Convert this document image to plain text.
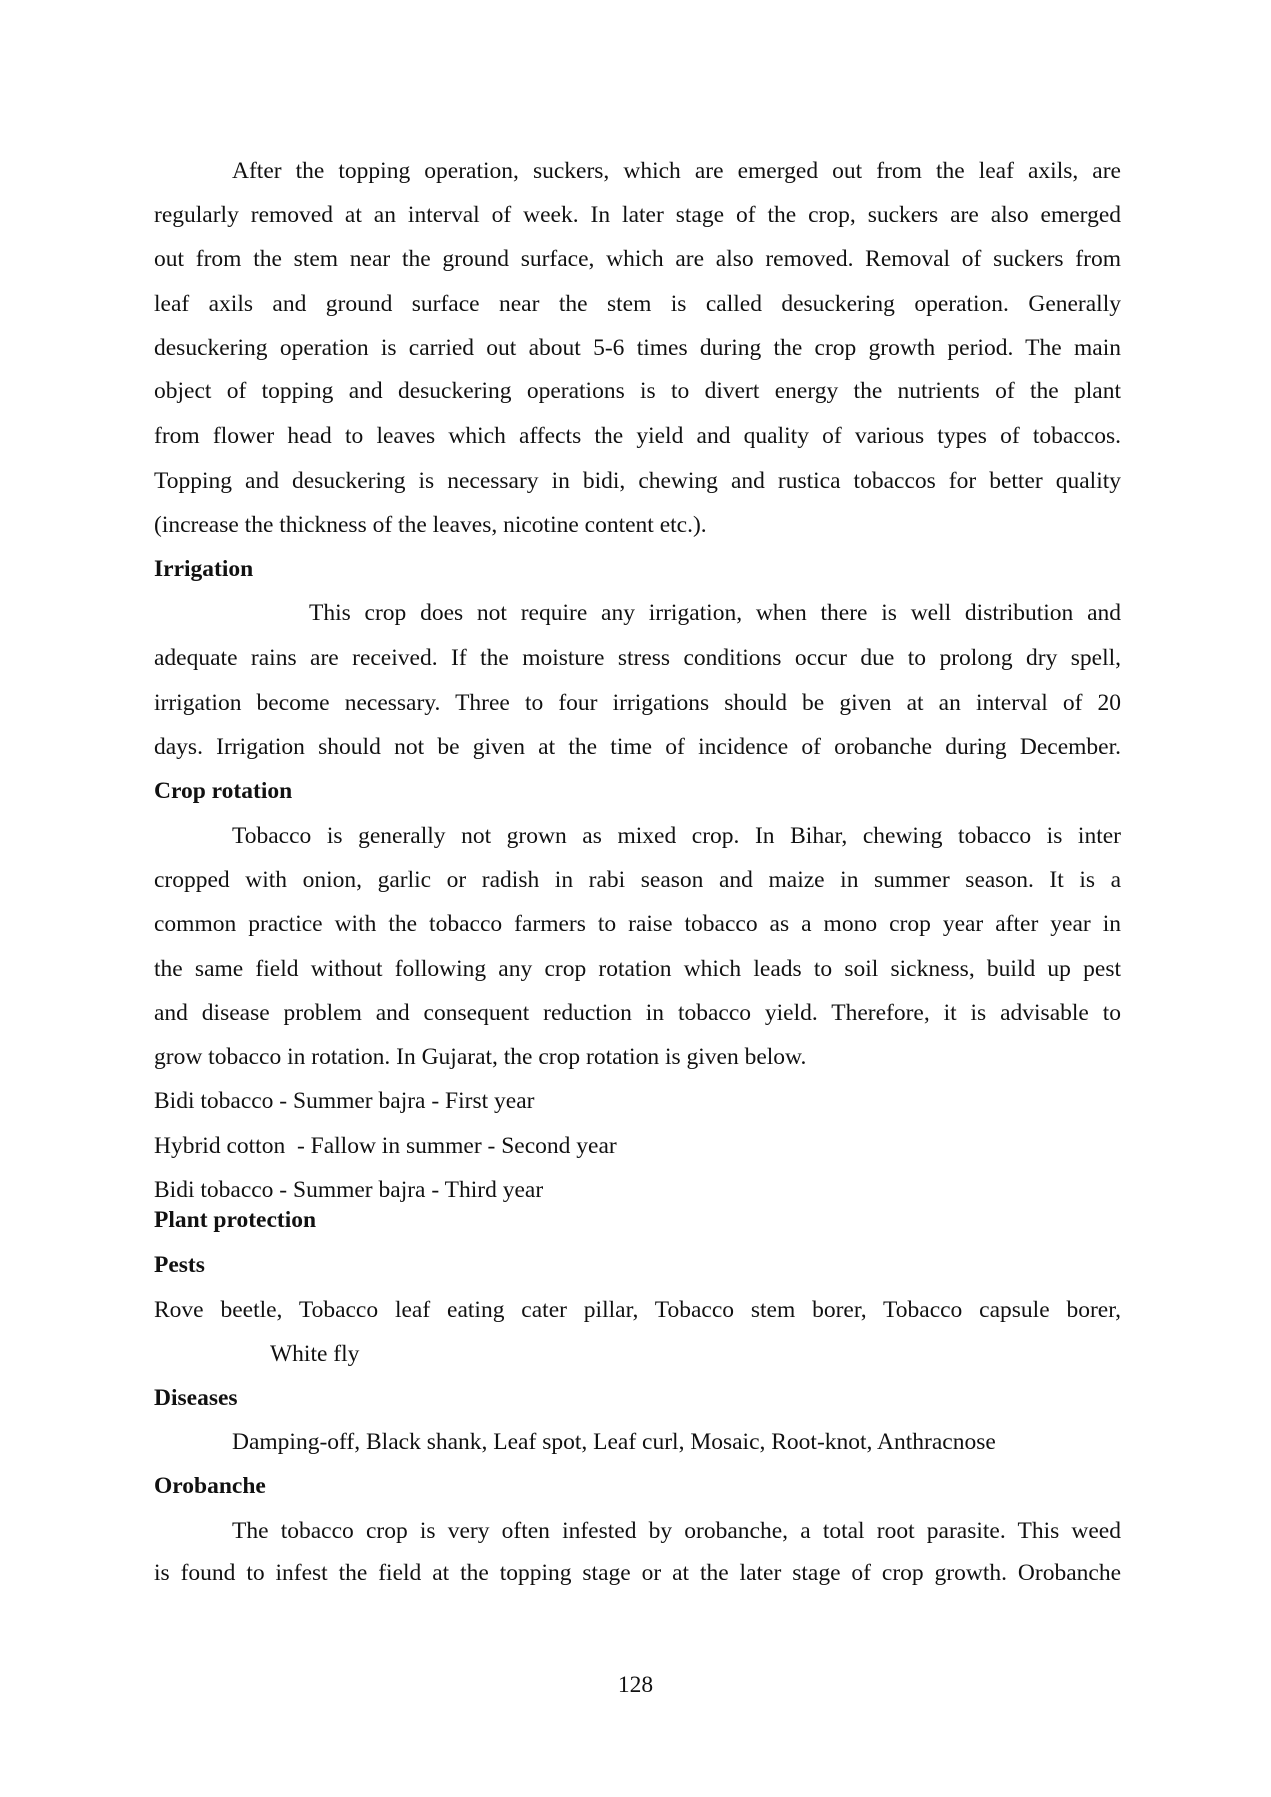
After the topping operation, suckers, which are emerged out from the leaf axils, are
regularly removed at an interval of week. In later stage of the crop, suckers are also emerged
out from the stem near the ground surface, which are also removed. Removal of suckers from
leaf axils and ground surface near the stem is called desuckering operation. Generally
desuckering operation is carried out about 5-6 times during the crop growth period. The main
object of topping and desuckering operations is to divert energy the nutrients of the plant
from flower head to leaves which affects the yield and quality of various types of tobaccos.
Topping and desuckering is necessary in bidi, chewing and rustica tobaccos for better quality
(increase the thickness of the leaves, nicotine content etc.).
Irrigation
This crop does not require any irrigation, when there is well distribution and
adequate rains are received. If the moisture stress conditions occur due to prolong dry spell,
irrigation become necessary. Three to four irrigations should be given at an interval of 20
days. Irrigation should not be given at the time of incidence of orobanche during December.
Crop rotation
Tobacco is generally not grown as mixed crop. In Bihar, chewing tobacco is inter
cropped with onion, garlic or radish in rabi season and maize in summer season. It is a
common practice with the tobacco farmers to raise tobacco as a mono crop year after year in
the same field without following any crop rotation which leads to soil sickness, build up pest
and disease problem and consequent reduction in tobacco yield. Therefore, it is advisable to
grow tobacco in rotation. In Gujarat, the crop rotation is given below.
Bidi tobacco - Summer bajra - First year
Hybrid cotton  - Fallow in summer - Second year
Bidi tobacco - Summer bajra - Third year
Plant protection
Pests
Rove beetle, Tobacco leaf eating cater pillar, Tobacco stem borer, Tobacco capsule borer,
White fly
Diseases
Damping-off, Black shank, Leaf spot, Leaf curl, Mosaic, Root-knot, Anthracnose
Orobanche
The tobacco crop is very often infested by orobanche, a total root parasite. This weed
is found to infest the field at the topping stage or at the later stage of crop growth. Orobanche
128
